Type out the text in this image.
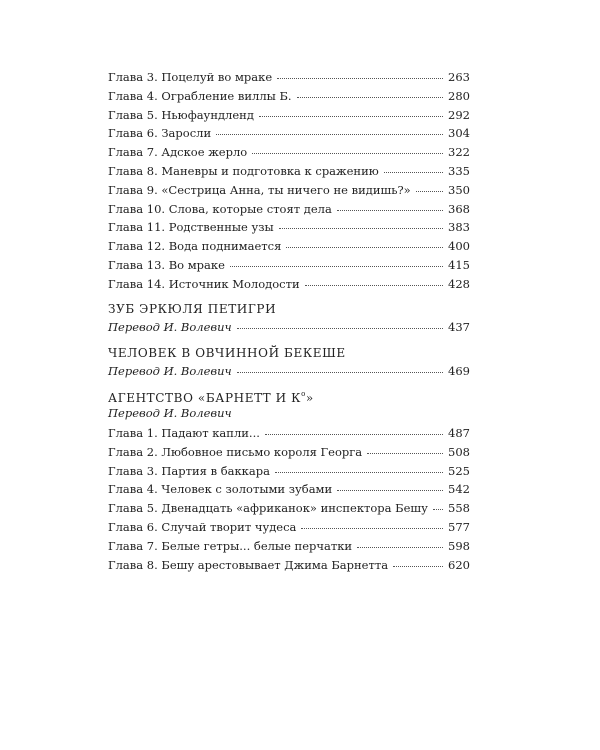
Глава 3. Поцелуй во мраке	263
Глава 4. Ограбление виллы Б.	280
Глава 5. Ньюфаундленд	292
Глава 6. Заросли	304
Глава 7. Адское жерло	322
Глава 8. Маневры и подготовка к сражению	335
Глава 9. «Сестрица Анна, ты ничего не видишь?»	350
Глава 10. Слова, которые стоят дела	368
Глава 11. Родственные узы	383
Глава 12. Вода поднимается	400
Глава 13. Во мраке	415
Глава 14. Источник Молодости	428
ЗУБ ЭРКЮЛЯ ПЕТИГРИ
Перевод И. Волевич	437
ЧЕЛОВЕК В ОВЧИННОЙ БЕКЕШЕ
Перевод И. Волевич	469
АГЕНТСТВО «БАРНЕТТ И $К^о$»
Перевод И. Волевич
Глава 1. Падают капли...	487
Глава 2. Любовное письмо короля Георга	508
Глава 3. Партия в баккара	525
Глава 4. Человек с золотыми зубами	542
Глава 5. Двенадцать «африканок» инспектора Бешу 558
Глава 6. Случай творит чудеса	577
Глава 7. Белые гетры... белые перчатки	598
Глава 8. Бешу арестовывает Джима Барнетта	620
